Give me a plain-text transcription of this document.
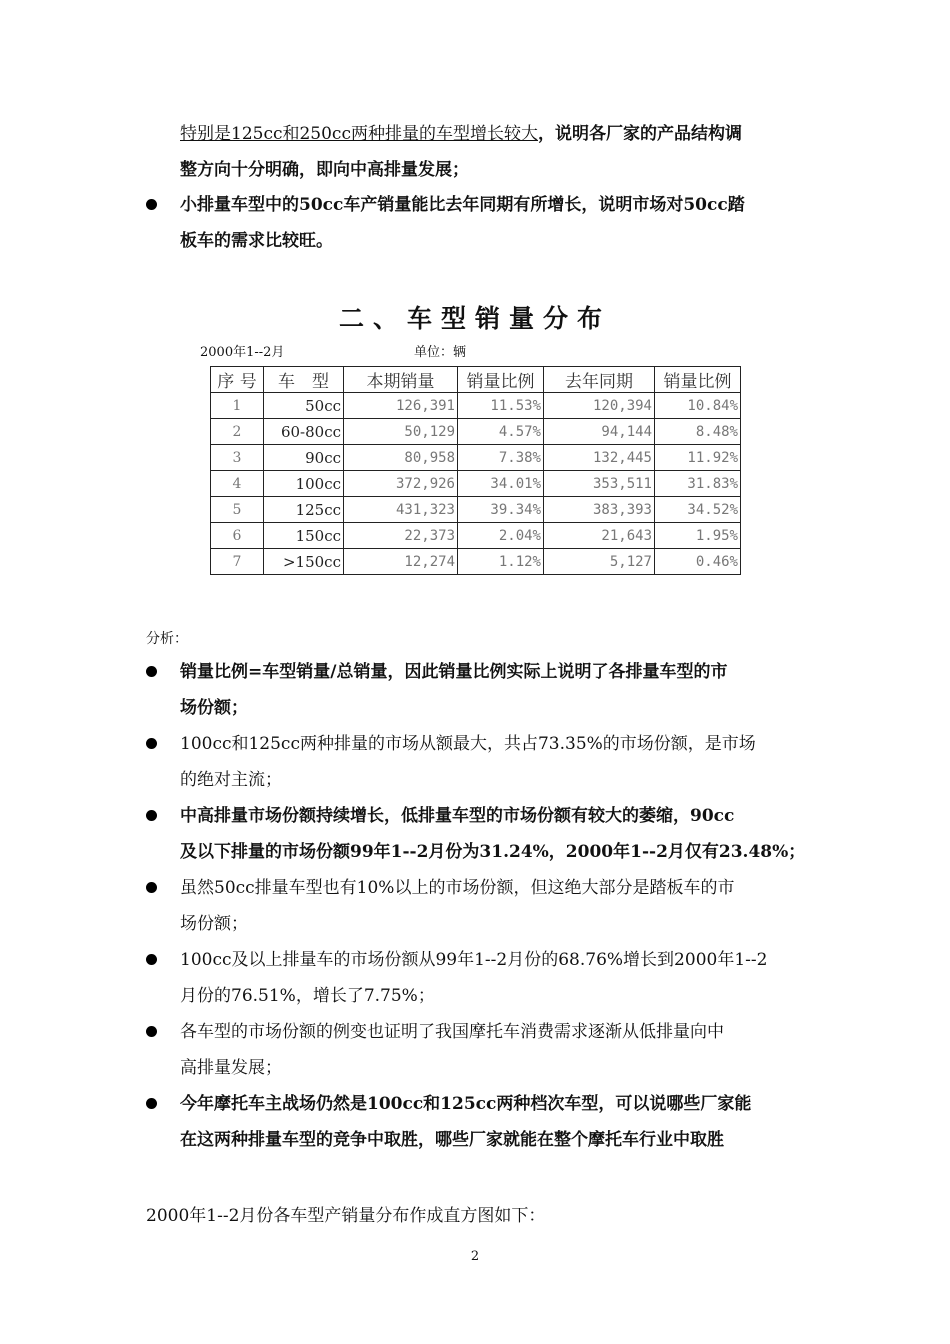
特别是125cc和250cc两种排量的车型增长较大，说明各厂家的产品结构调
整方向十分明确，即向中高排量发展；
小排量车型中的50cc车产销量能比去年同期有所增长，说明市场对50cc踏
板车的需求比较旺。
二、车型销量分布
2000年1--2月	单位：辆
序 号	车　型	本期销量	销量比例	去年同期	销量比例
1	50cc	126,391	11.53%	120,394	10.84%
2	60-80cc	50,129	4.57%	94,144	8.48%
3	90cc	80,958	7.38%	132,445	11.92%
4	100cc	372,926	34.01%	353,511	31.83%
5	125cc	431,323	39.34%	383,393	34.52%
6	150cc	22,373	2.04%	21,643	1.95%
7	>150cc	12,274	1.12%	5,127	0.46%
分析：
销量比例=车型销量/总销量，因此销量比例实际上说明了各排量车型的市
场份额；
100cc和125cc两种排量的市场从额最大，共占73.35%的市场份额，是市场
的绝对主流；
中高排量市场份额持续增长，低排量车型的市场份额有较大的萎缩，90cc
及以下排量的市场份额99年1--2月份为31.24%，2000年1--2月仅有23.48%；
虽然50cc排量车型也有10%以上的市场份额，但这绝大部分是踏板车的市
场份额；
100cc及以上排量车的市场份额从99年1--2月份的68.76%增长到2000年1--2
月份的76.51%，增长了7.75%；
各车型的市场份额的例变也证明了我国摩托车消费需求逐渐从低排量向中
高排量发展；
今年摩托车主战场仍然是100cc和125cc两种档次车型，可以说哪些厂家能
在这两种排量车型的竞争中取胜，哪些厂家就能在整个摩托车行业中取胜
2000年1--2月份各车型产销量分布作成直方图如下：
2
